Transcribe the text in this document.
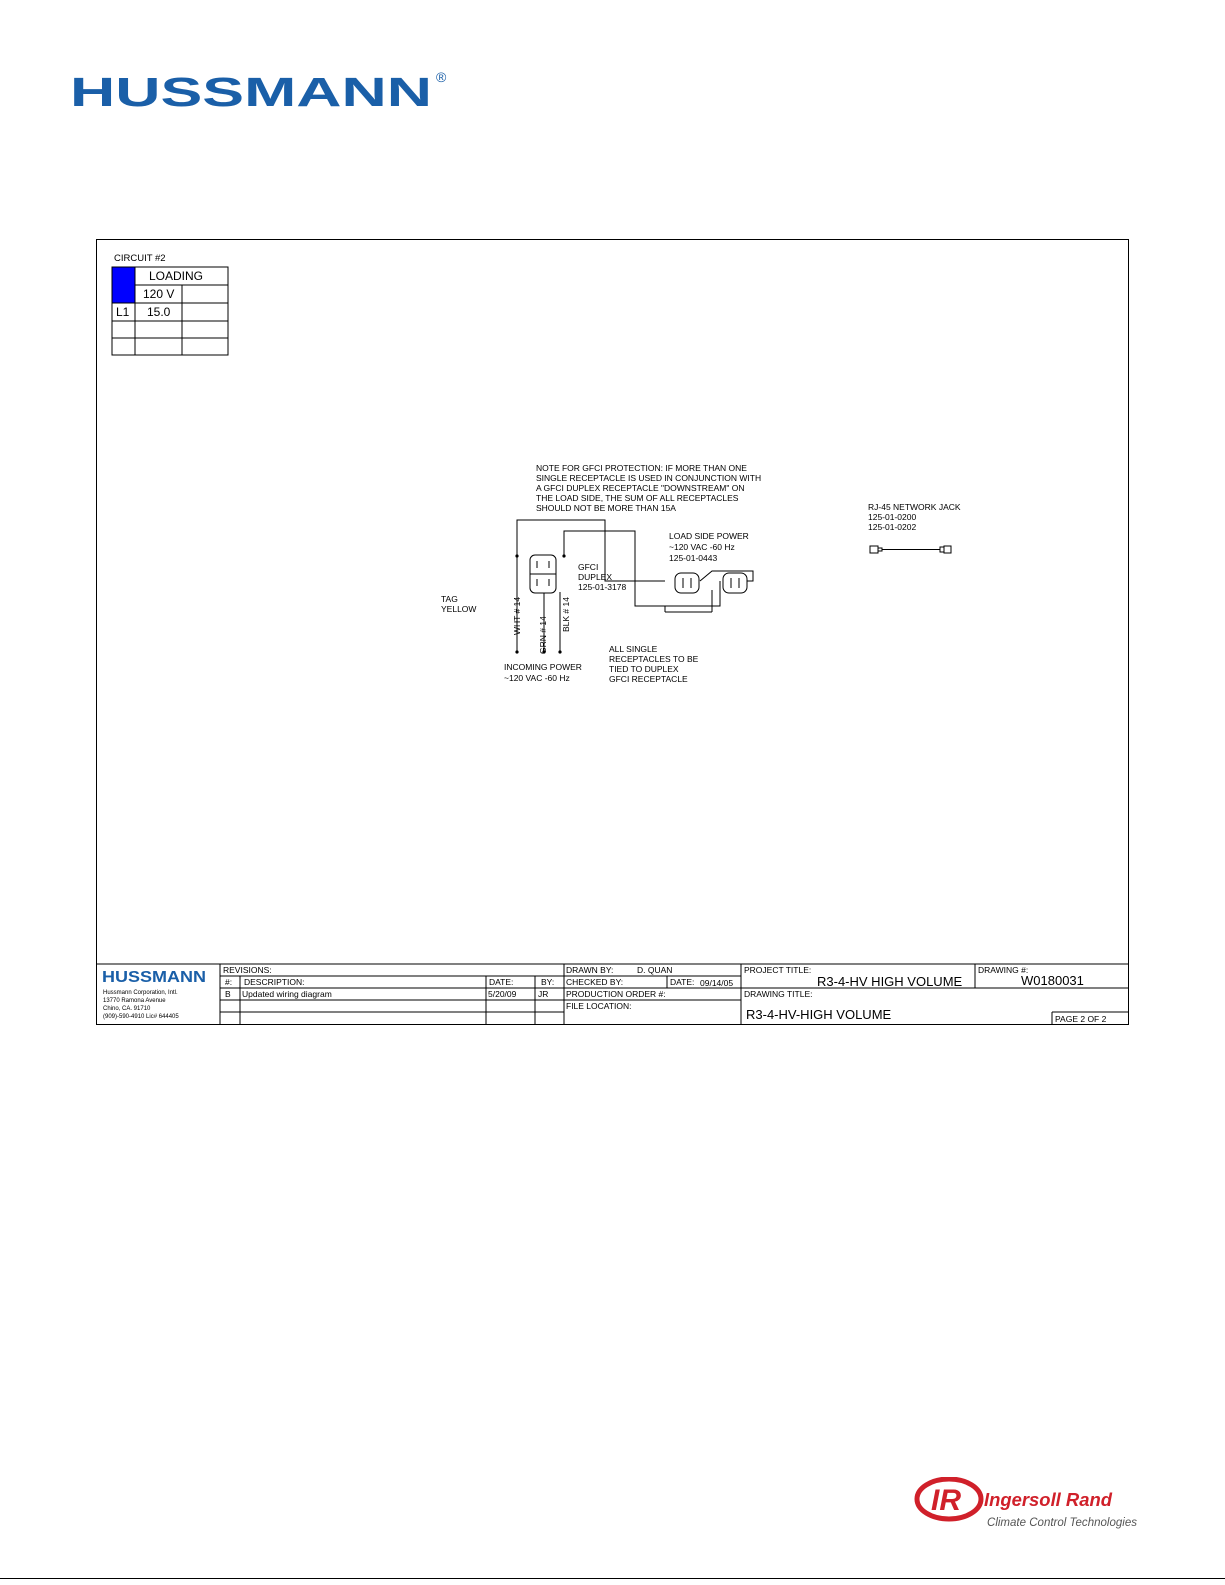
HUSSMANN ®
CIRCUIT #2
LOADING
120 V
L1 15.0
NOTE FOR GFCI PROTECTION: IF MORE THAN ONE
SINGLE RECEPTACLE IS USED IN CONJUNCTION WITH
A GFCI DUPLEX RECEPTACLE "DOWNSTREAM" ON
THE LOAD SIDE, THE SUM OF ALL RECEPTACLES
SHOULD NOT BE MORE THAN 15A
GFCI
DUPLEX
125-01-3178
LOAD SIDE POWER
~120 VAC -60 Hz
125-01-0443
TAG
YELLOW	WHT # 14
GRN # 14
BLK # 14
INCOMING POWER
~120 VAC -60 Hz
ALL SINGLE
RECEPTACLES TO BE
TIED TO DUPLEX
GFCI RECEPTACLE
RJ-45 NETWORK JACK
125-01-0200
125-01-0202
HUSSMANN
Hussmann Corporation, Intl.
13770 Ramona Avenue
Chino, CA. 91710
(909)-590-4910 Lic# 644405
REVISIONS:
#: DESCRIPTION:	DATE:	BY:
B Updated wiring diagram	5/20/09	JR
DRAWN BY:	D. QUAN
CHECKED BY:	DATE: 09/14/05
PRODUCTION ORDER #:
FILE LOCATION:
PROJECT TITLE:
R3-4-HV HIGH VOLUME
DRAWING TITLE:
R3-4-HV-HIGH VOLUME
DRAWING #:
W0180031
PAGE 2 OF 2
IR Ingersoll Rand
Climate Control Technologies
